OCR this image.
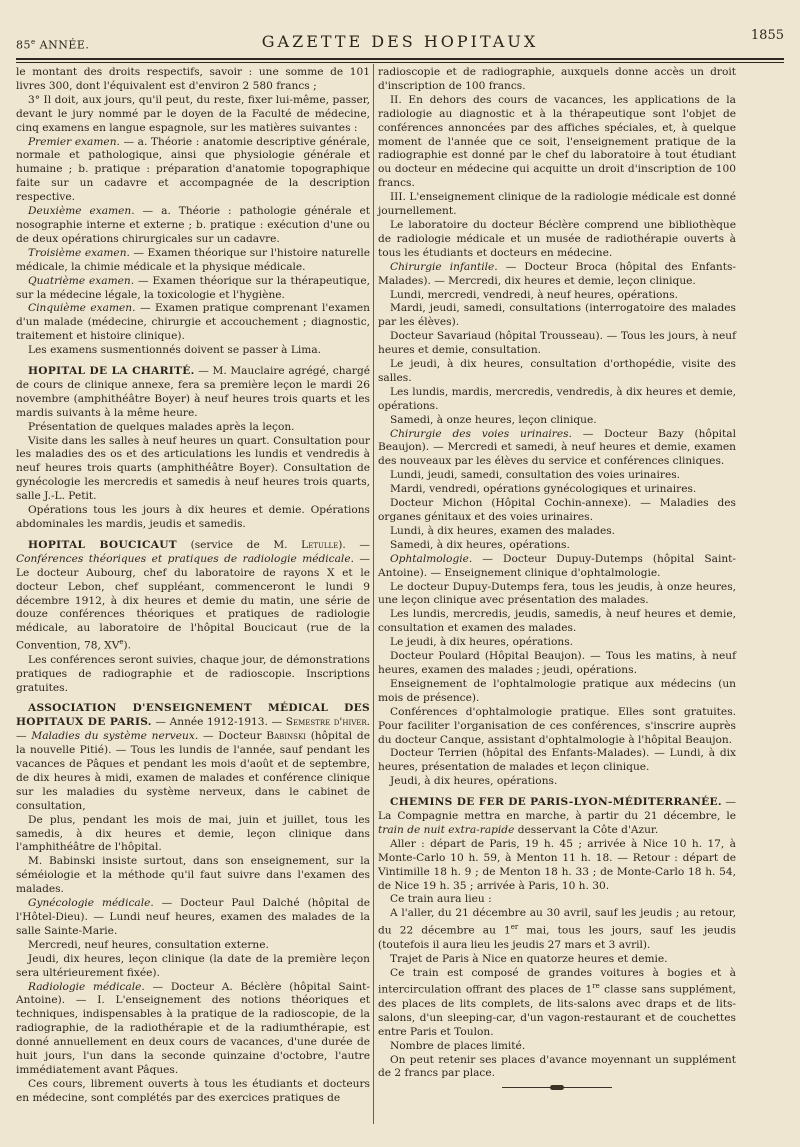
85e ANNÉE.	GAZETTE DES HOPITAUX	1855

le montant des droits respectifs, savoir : une somme de 101 livres 300, dont l'équivalent est d'environ 2 580 francs ;

3° Il doit, aux jours, qu'il peut, du reste, fixer lui-même, passer, devant le jury nommé par le doyen de la Faculté de médecine, cinq examens en langue espagnole, sur les matières suivantes :

Premier examen. — a. Théorie : anatomie descriptive générale, normale et pathologique, ainsi que physiologie générale et humaine ; b. pratique : préparation d'anatomie topographique faite sur un cadavre et accompagnée de la description respective.

Deuxième examen. — a. Théorie : pathologie générale et nosographie interne et externe ; b. pratique : exécution d'une ou de deux opérations chirurgicales sur un cadavre.

Troisième examen. — Examen théorique sur l'histoire naturelle médicale, la chimie médicale et la physique médicale.

Quatrième examen. — Examen théorique sur la thérapeutique, sur la médecine légale, la toxicologie et l'hygiène.

Cinquième examen. — Examen pratique comprenant l'examen d'un malade (médecine, chirurgie et accouchement ; diagnostic, traitement et histoire clinique).

Les examens susmentionnés doivent se passer à Lima.

HOPITAL DE LA CHARITÉ. — M. Mauclaire agrégé, chargé de cours de clinique annexe, fera sa première leçon le mardi 26 novembre (amphithéâtre Boyer) à neuf heures trois quarts et les mardis suivants à la même heure.

Présentation de quelques malades après la leçon.

Visite dans les salles à neuf heures un quart. Consultation pour les maladies des os et des articulations les lundis et vendredis à neuf heures trois quarts (amphithéâtre Boyer). Consultation de gynécologie les mercredis et samedis à neuf heures trois quarts, salle J.-L. Petit.

Opérations tous les jours à dix heures et demie. Opérations abdominales les mardis, jeudis et samedis.

HOPITAL BOUCICAUT (service de M. Letulle). — Conférences théoriques et pratiques de radiologie médicale. — Le docteur Aubourg, chef du laboratoire de rayons X et le docteur Lebon, chef suppléant, commenceront le lundi 9 décembre 1912, à dix heures et demie du matin, une série de douze conférences théoriques et pratiques de radiologie médicale, au laboratoire de l'hôpital Boucicaut (rue de la Convention, 78, XVe).

Les conférences seront suivies, chaque jour, de démonstrations pratiques de radiographie et de radioscopie. Inscriptions gratuites.

ASSOCIATION D'ENSEIGNEMENT MÉDICAL DES HOPITAUX DE PARIS. — Année 1912-1913. — Semestre d'hiver. — Maladies du système nerveux. — Docteur Babinski (hôpital de la nouvelle Pitié). — Tous les lundis de l'année, sauf pendant les vacances de Pâques et pendant les mois d'août et de septembre, de dix heures à midi, examen de malades et conférence clinique sur les maladies du système nerveux, dans le cabinet de consultation,

De plus, pendant les mois de mai, juin et juillet, tous les samedis, à dix heures et demie, leçon clinique dans l'amphithéâtre de l'hôpital.

M. Babinski insiste surtout, dans son enseignement, sur la séméiologie et la méthode qu'il faut suivre dans l'examen des malades.

Gynécologie médicale. — Docteur Paul Dalché (hôpital de l'Hôtel-Dieu). — Lundi neuf heures, examen des malades de la salle Sainte-Marie.

Mercredi, neuf heures, consultation externe.

Jeudi, dix heures, leçon clinique (la date de la première leçon sera ultérieurement fixée).

Radiologie médicale. — Docteur A. Béclère (hôpital Saint-Antoine). — I. L'enseignement des notions théoriques et techniques, indispensables à la pratique de la radioscopie, de la radiographie, de la radiothérapie et de la radiumthérapie, est donné annuellement en deux cours de vacances, d'une durée de huit jours, l'un dans la seconde quinzaine d'octobre, l'autre immédiatement avant Pâques.

Ces cours, librement ouverts à tous les étudiants et docteurs en médecine, sont complétés par des exercices pratiques de

radioscopie et de radiographie, auxquels donne accès un droit d'inscription de 100 francs.

II. En dehors des cours de vacances, les applications de la radiologie au diagnostic et à la thérapeutique sont l'objet de conférences annoncées par des affiches spéciales, et, à quelque moment de l'année que ce soit, l'enseignement pratique de la radiographie est donné par le chef du laboratoire à tout étudiant ou docteur en médecine qui acquitte un droit d'inscription de 100 francs.

III. L'enseignement clinique de la radiologie médicale est donné journellement.

Le laboratoire du docteur Béclère comprend une bibliothèque de radiologie médicale et un musée de radiothérapie ouverts à tous les étudiants et docteurs en médecine.

Chirurgie infantile. — Docteur Broca (hôpital des Enfants-Malades). — Mercredi, dix heures et demie, leçon clinique.

Lundi, mercredi, vendredi, à neuf heures, opérations.

Mardi, jeudi, samedi, consultations (interrogatoire des malades par les élèves).

Docteur Savariaud (hôpital Trousseau). — Tous les jours, à neuf heures et demie, consultation.

Le jeudi, à dix heures, consultation d'orthopédie, visite des salles.

Les lundis, mardis, mercredis, vendredis, à dix heures et demie, opérations.

Samedi, à onze heures, leçon clinique.

Chirurgie des voies urinaires. — Docteur Bazy (hôpital Beaujon). — Mercredi et samedi, à neuf heures et demie, examen des nouveaux par les élèves du service et conférences cliniques.

Lundi, jeudi, samedi, consultation des voies urinaires.

Mardi, vendredi, opérations gynécologiques et urinaires.

Docteur Michon (Hôpital Cochin-annexe). — Maladies des organes génitaux et des voies urinaires.

Lundi, à dix heures, examen des malades.

Samedi, à dix heures, opérations.

Ophtalmologie. — Docteur Dupuy-Dutemps (hôpital Saint-Antoine). — Enseignement clinique d'ophtalmologie.

Le docteur Dupuy-Dutemps fera, tous les jeudis, à onze heures, une leçon clinique avec présentation des malades.

Les lundis, mercredis, jeudis, samedis, à neuf heures et demie, consultation et examen des malades.

Le jeudi, à dix heures, opérations.

Docteur Poulard (Hôpital Beaujon). — Tous les matins, à neuf heures, examen des malades ; jeudi, opérations.

Enseignement de l'ophtalmologie pratique aux médecins (un mois de présence).

Conférences d'ophtalmologie pratique. Elles sont gratuites. Pour faciliter l'organisation de ces conférences, s'inscrire auprès du docteur Canque, assistant d'ophtalmologie à l'hôpital Beaujon.

Docteur Terrien (hôpital des Enfants-Malades). — Lundi, à dix heures, présentation de malades et leçon clinique.

Jeudi, à dix heures, opérations.

CHEMINS DE FER DE PARIS-LYON-MÉDITERRANÉE. — La Compagnie mettra en marche, à partir du 21 décembre, le train de nuit extra-rapide desservant la Côte d'Azur.

Aller : départ de Paris, 19 h. 45 ; arrivée à Nice 10 h. 17, à Monte-Carlo 10 h. 59, à Menton 11 h. 18. — Retour : départ de Vintimille 18 h. 9 ; de Menton 18 h. 33 ; de Monte-Carlo 18 h. 54, de Nice 19 h. 35 ; arrivée à Paris, 10 h. 30.

Ce train aura lieu :

A l'aller, du 21 décembre au 30 avril, sauf les jeudis ; au retour, du 22 décembre au 1er mai, tous les jours, sauf les jeudis (toutefois il aura lieu les jeudis 27 mars et 3 avril).

Trajet de Paris à Nice en quatorze heures et demie.

Ce train est composé de grandes voitures à bogies et à intercirculation offrant des places de 1re classe sans supplément, des places de lits complets, de lits-salons avec draps et de lits-salons, d'un sleeping-car, d'un vagon-restaurant et de couchettes entre Paris et Toulon.

Nombre de places limité.

On peut retenir ses places d'avance moyennant un supplément de 2 francs par place.
